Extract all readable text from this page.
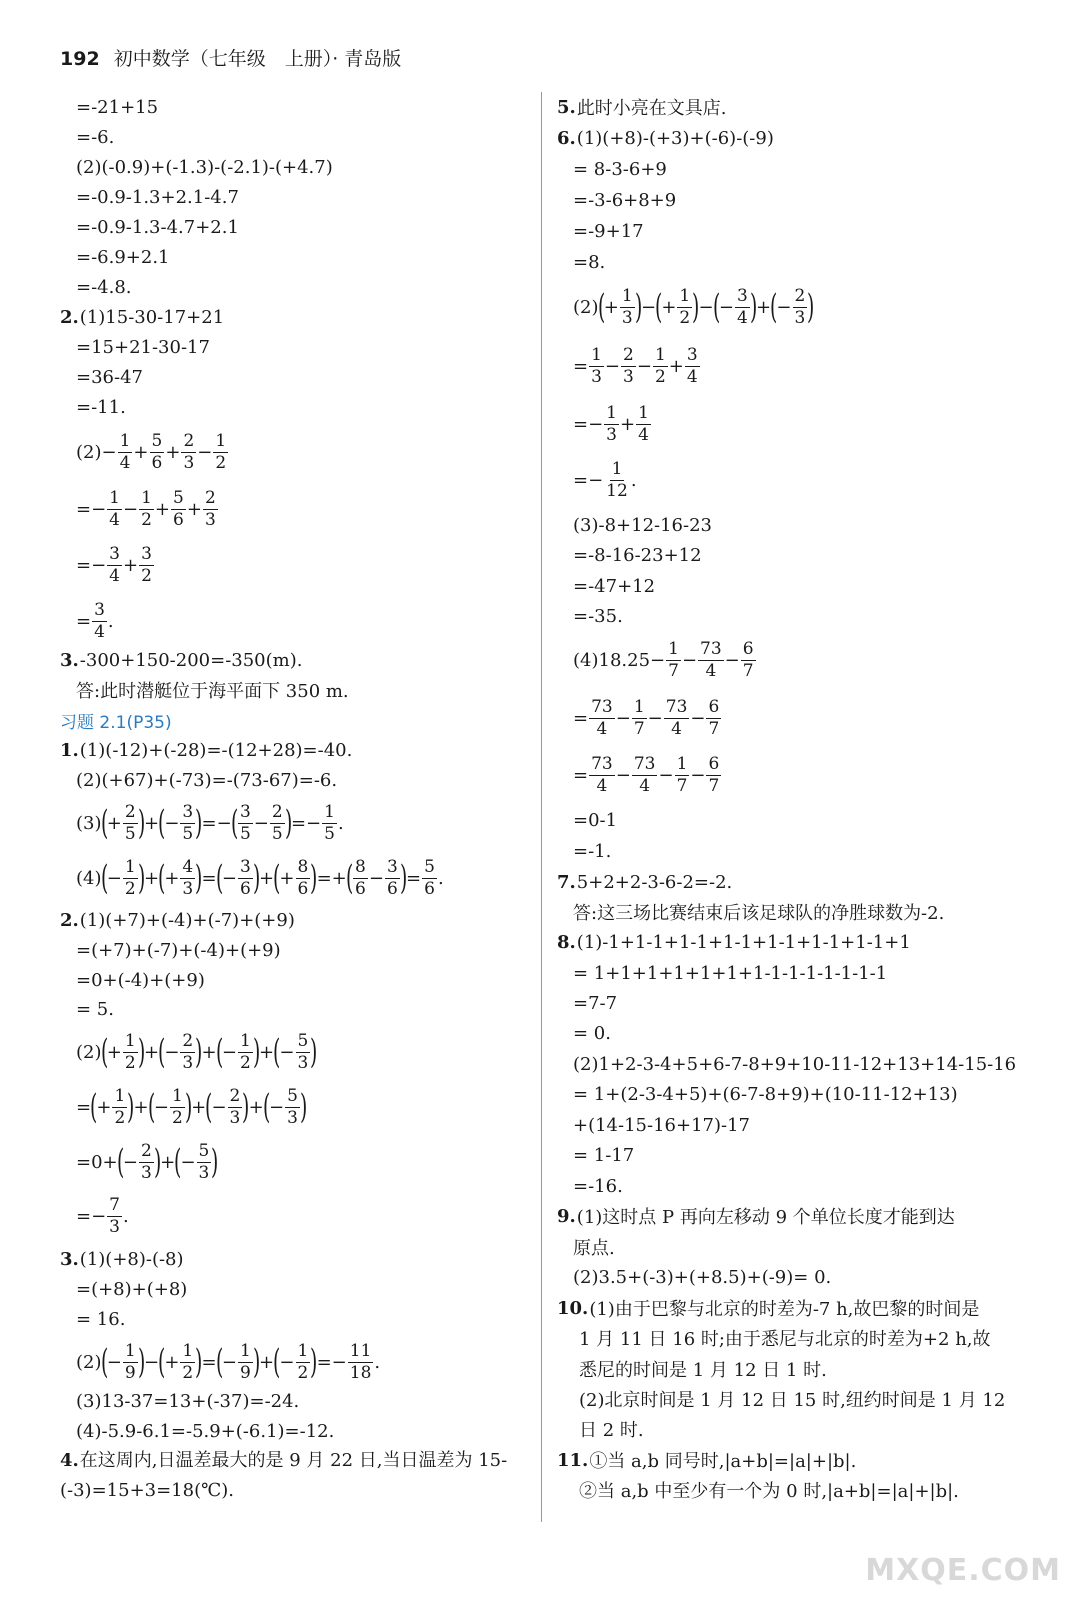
192 初中数学（七年级　上册）· 青岛版
=-21+15
=-6.
(2)(-0.9)+(-1.3)-(-2.1)-(+4.7)
=-0.9-1.3+2.1-4.7
=-0.9-1.3-4.7+2.1
=-6.9+2.1
=-4.8.
2. (1)15-30-17+21
=15+21-30-17
=36-47
=-11.
$(2)- \frac{1}{4} + \frac{5}{6} + \frac{2}{3} - \frac{1}{2}$
=− $\frac{1}{4} - \frac{1}{2} + \frac{5}{6} + \frac{2}{3}$
=− $\frac{3}{4} + \frac{3}{2}$
= $\frac{3}{4}$ .
3. -300+150-200=-350(m).
答:此时潜艇位于海平面下 350 m.
习题 2.1(P35)
1. (1)(-12)+(-28)=-(12+28)=-40.
(2)(+67)+(-73)=-(73-67)=-6.
(3)
(
+ $\frac{2}{5}$ )
+
(
− $\frac{3}{5}$ )
=−
( $\frac{3}{5} - \frac{2}{5}$ )
=− $\frac{1}{5}$ .
(4)
(
− $\frac{1}{2}$ )
+
(
+ $\frac{4}{3}$ )
=
(
− $\frac{3}{6}$ )
+
(
+ $\frac{8}{6}$ )
=+
( $\frac{8}{6} - \frac{3}{6}$ )
= $\frac{5}{6}$ .
2. (1)(+7)+(-4)+(-7)+(+9)
=(+7)+(-7)+(-4)+(+9)
=0+(-4)+(+9)
= 5.
(2)
(
+ $\frac{1}{2}$ )
+
(
− $\frac{2}{3}$ )
+
(
− $\frac{1}{2}$ )
+
(
− $\frac{5}{3}$ )
=
(
+ $\frac{1}{2}$ )
+
(
− $\frac{1}{2}$ )
+
(
− $\frac{2}{3}$ )
+
(
− $\frac{5}{3}$ )
=0+
(
− $\frac{2}{3}$ )
+
(
− $\frac{5}{3}$ )
=− $\frac{7}{3}$ .
3. (1)(+8)-(-8)
=(+8)+(+8)
= 16.
(2)
(
− $\frac{1}{9}$ )
−
(
+ $\frac{1}{2}$ )
=
(
− $\frac{1}{9}$ )
+
(
− $\frac{1}{2}$ )
=− $\frac{11}{18}$ .
(3)13-37=13+(-37)=-24.
(4)-5.9-6.1=-5.9+(-6.1)=-12.
4.在这周内,日温差最大的是 9 月 22 日,当日温差为 15-(-3)=15+3=18(℃).
5. 此时小亮在文具店.
6. (1)(+8)-(+3)+(-6)-(-9)
= 8-3-6+9
=-3-6+8+9
=-9+17
=8.
(2)
(
+ $\frac{1}{3}$ )
−
(
+ $\frac{1}{2}$ )
−
(
− $\frac{3}{4}$ )
+
(
− $\frac{2}{3}$ )
= $\frac{1}{3} - \frac{2}{3} - \frac{1}{2} + \frac{3}{4}$
=− $\frac{1}{3} + \frac{1}{4}$
=− $\frac{1}{12}$ .
(3)-8+12-16-23
=-8-16-23+12
=-47+12
=-35.
$(4)18.25- \frac{1}{7} - \frac{73}{4} - \frac{6}{7}$
= $\frac{73}{4} - \frac{1}{7} - \frac{73}{4} - \frac{6}{7}$
= $\frac{73}{4} - \frac{73}{4} - \frac{1}{7} - \frac{6}{7}$
=0-1
=-1.
7. 5+2+2-3-6-2=-2.
答:这三场比赛结束后该足球队的净胜球数为-2.
8. (1)-1+1-1+1-1+1-1+1-1+1-1+1-1+1
= 1+1+1+1+1+1+1-1-1-1-1-1-1-1
=7-7
= 0.
(2)1+2-3-4+5+6-7-8+9+10-11-12+13+14-15-16
= 1+(2-3-4+5)+(6-7-8+9)+(10-11-12+13)
+(14-15-16+17)-17
= 1-17
=-16.
9. (1)这时点 P 再向左移动 9 个单位长度才能到达
原点.
(2)3.5+(-3)+(+8.5)+(-9)= 0.
10. (1)由于巴黎与北京的时差为-7 h,故巴黎的时间是
1 月 11 日 16 时;由于悉尼与北京的时差为+2 h,故
悉尼的时间是 1 月 12 日 1 时.
(2)北京时间是 1 月 12 日 15 时,纽约时间是 1 月 12
日 2 时.
11. ①当 a,b 同号时,|a+b|=|a|+|b|.
②当 a,b 中至少有一个为 0 时,|a+b|=|a|+|b|.
MXQE.COM
